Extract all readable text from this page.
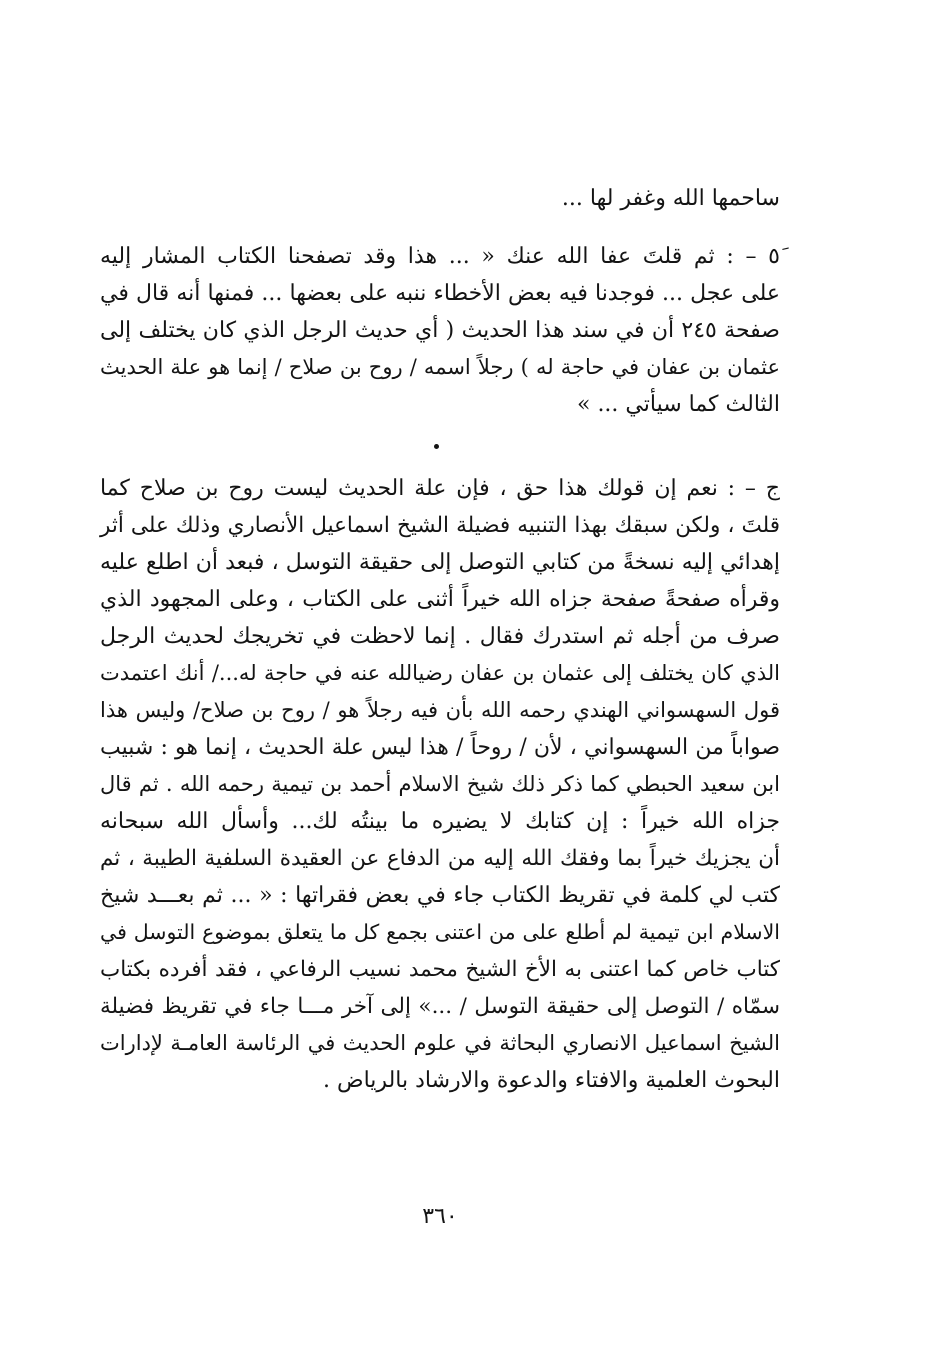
ساحمها الله وغفر لها ...
٥َ – : ثم قلتَ عفا الله عنك « ... هذا وقد تصفحنا الكتاب المشار إليه
على عجل ... فوجدنا فيه بعض الأخطاء ننبه على بعضها ... فمنها أنه قال في
صفحة ٢٤٥ أن في سند هذا الحديث ( أي حديث الرجل الذي كان يختلف إلى
عثمان بن عفان في حاجة له ) رجلاً اسمه / روح بن صلاح / إنما هو علة الحديث
الثالث كما سيأتي ... »
ج – : نعم إن قولك هذا حق ، فإن علة الحديث ليست روح بن صلاح كما
قلتَ ، ولكن سبقك بهذا التنبيه فضيلة الشيخ اسماعيل الأنصاري وذلك على أثر
إهدائي إليه نسخةً من كتابي التوصل إلى حقيقة التوسل ، فبعد أن اطلع عليه
وقرأه صفحةً صفحة جزاه الله خيراً أثنى على الكتاب ، وعلى المجهود الذي
صرف من أجله ثم استدرك فقال . إنما لاحظت في تخريجك لحديث الرجل
الذي كان يختلف إلى عثمان بن عفان رضيالله عنه في حاجة له.../ أنك اعتمدت
قول السهسواني الهندي رحمه الله بأن فيه رجلاً هو / روح بن صلاح/ وليس هذا
صواباً من السهسواني ، لأن / روحاً / هذا ليس علة الحديث ، إنما هو : شبيب
ابن سعيد الحبطي كما ذكر ذلك شيخ الاسلام أحمد بن تيمية رحمه الله . ثم قال
جزاه الله خيراً : إن كتابك لا يضيره ما بينتُه لك... وأسأل الله سبحانه
أن يجزيك خيراً بما وفقك الله إليه من الدفاع عن العقيدة السلفية الطيبة ، ثم
كتب لي كلمة في تقريظ الكتاب جاء في بعض فقراتها : « ... ثم بعـــد شيخ
الاسلام ابن تيمية لم أطلع على من اعتنى بجمع كل ما يتعلق بموضوع التوسل في
كتاب خاص كما اعتنى به الأخ الشيخ محمد نسيب الرفاعي ، فقد أفرده بكتاب
سمّاه / التوصل إلى حقيقة التوسل / ...» إلى آخر مـــا جاء في تقريظ فضيلة
الشيخ اسماعيل الانصاري البحاثة في علوم الحديث في الرئاسة العامـة لإدارات
البحوث العلمية والافتاء والدعوة والارشاد بالرياض .
٣٦٠
